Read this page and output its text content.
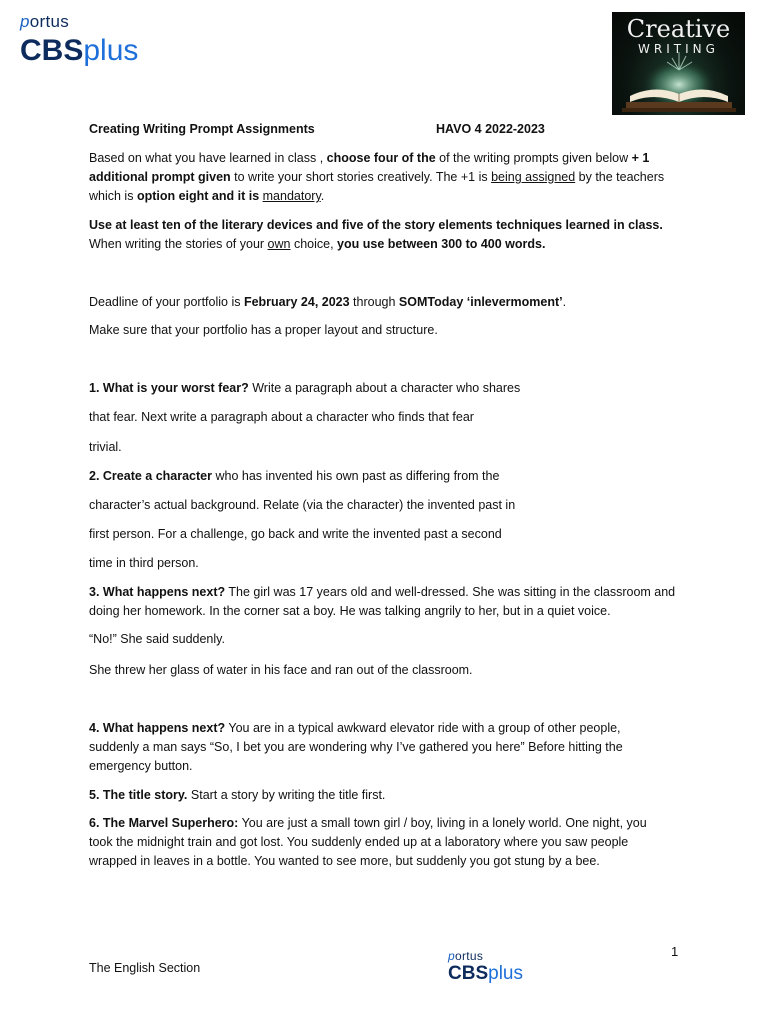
portus
CBSplus
Creative
WRITING
Creating Writing Prompt Assignments	HAVO 4 2022-2023
Based on what you have learned in class , choose four of the of the writing prompts given below + 1 additional prompt given to write your short stories creatively. The +1 is being assigned by the teachers which is option eight and it is mandatory.
Use at least ten of the literary devices and five of the story elements techniques learned in class.
When writing the stories of your own choice, you use between 300 to 400 words.
Deadline of your portfolio is February 24, 2023 through SOMToday ‘inlevermoment’.
Make sure that your portfolio has a proper layout and structure.
1. What is your worst fear? Write a paragraph about a character who shares
that fear. Next write a paragraph about a character who finds that fear
trivial.
2. Create a character who has invented his own past as differing from the
character’s actual background. Relate (via the character) the invented past in
first person. For a challenge, go back and write the invented past a second
time in third person.
3. What happens next? The girl was 17 years old and well-dressed. She was sitting in the classroom and
doing her homework. In the corner sat a boy. He was talking angrily to her, but in a quiet voice.
“No!” She said suddenly.
She threw her glass of water in his face and ran out of the classroom.
4. What happens next? You are in a typical awkward elevator ride with a group of other people,
suddenly a man says “So, I bet you are wondering why I’ve gathered you here” Before hitting the
emergency button.
5. The title story. Start a story by writing the title first.
6. The Marvel Superhero: You are just a small town girl / boy, living in a lonely world. One night, you
took the midnight train and got lost. You suddenly ended up at a laboratory where you saw people
wrapped in leaves in a bottle. You wanted to see more, but suddenly you got stung by a bee.
1
The English Section
portus
CBSplus
